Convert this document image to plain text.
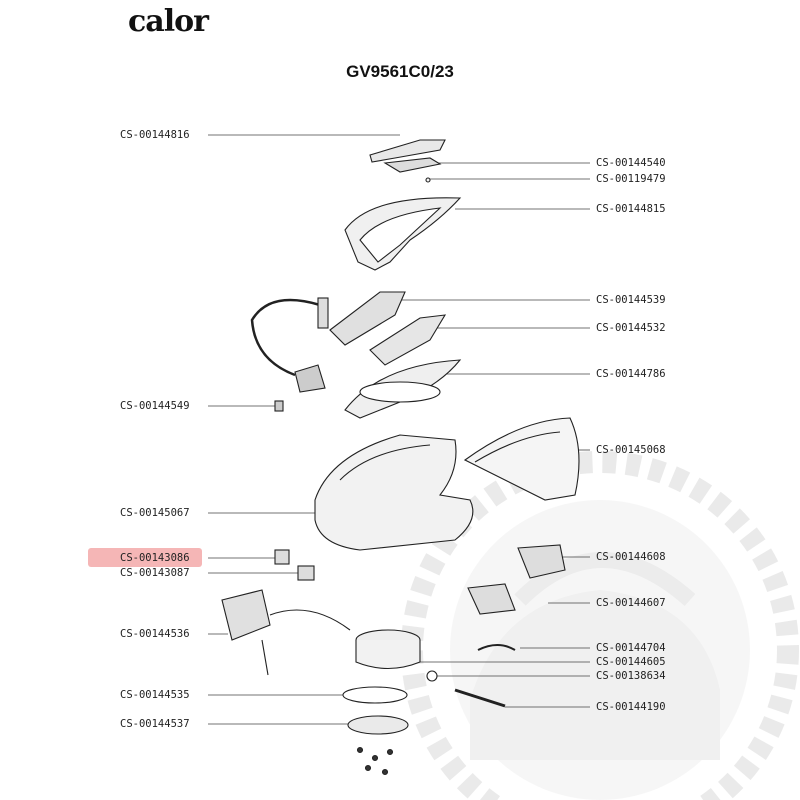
calor
GV9561C0/23
CS-00144816
CS-00144549
CS-00145067
CS-00143086
CS-00143087
CS-00144536
CS-00144535
CS-00144537
CS-00144540
CS-00119479
CS-00144815
CS-00144539
CS-00144532
CS-00144786
CS-00145068
CS-00144608
CS-00144607
CS-00144704
CS-00144605
CS-00138634
CS-00144190
